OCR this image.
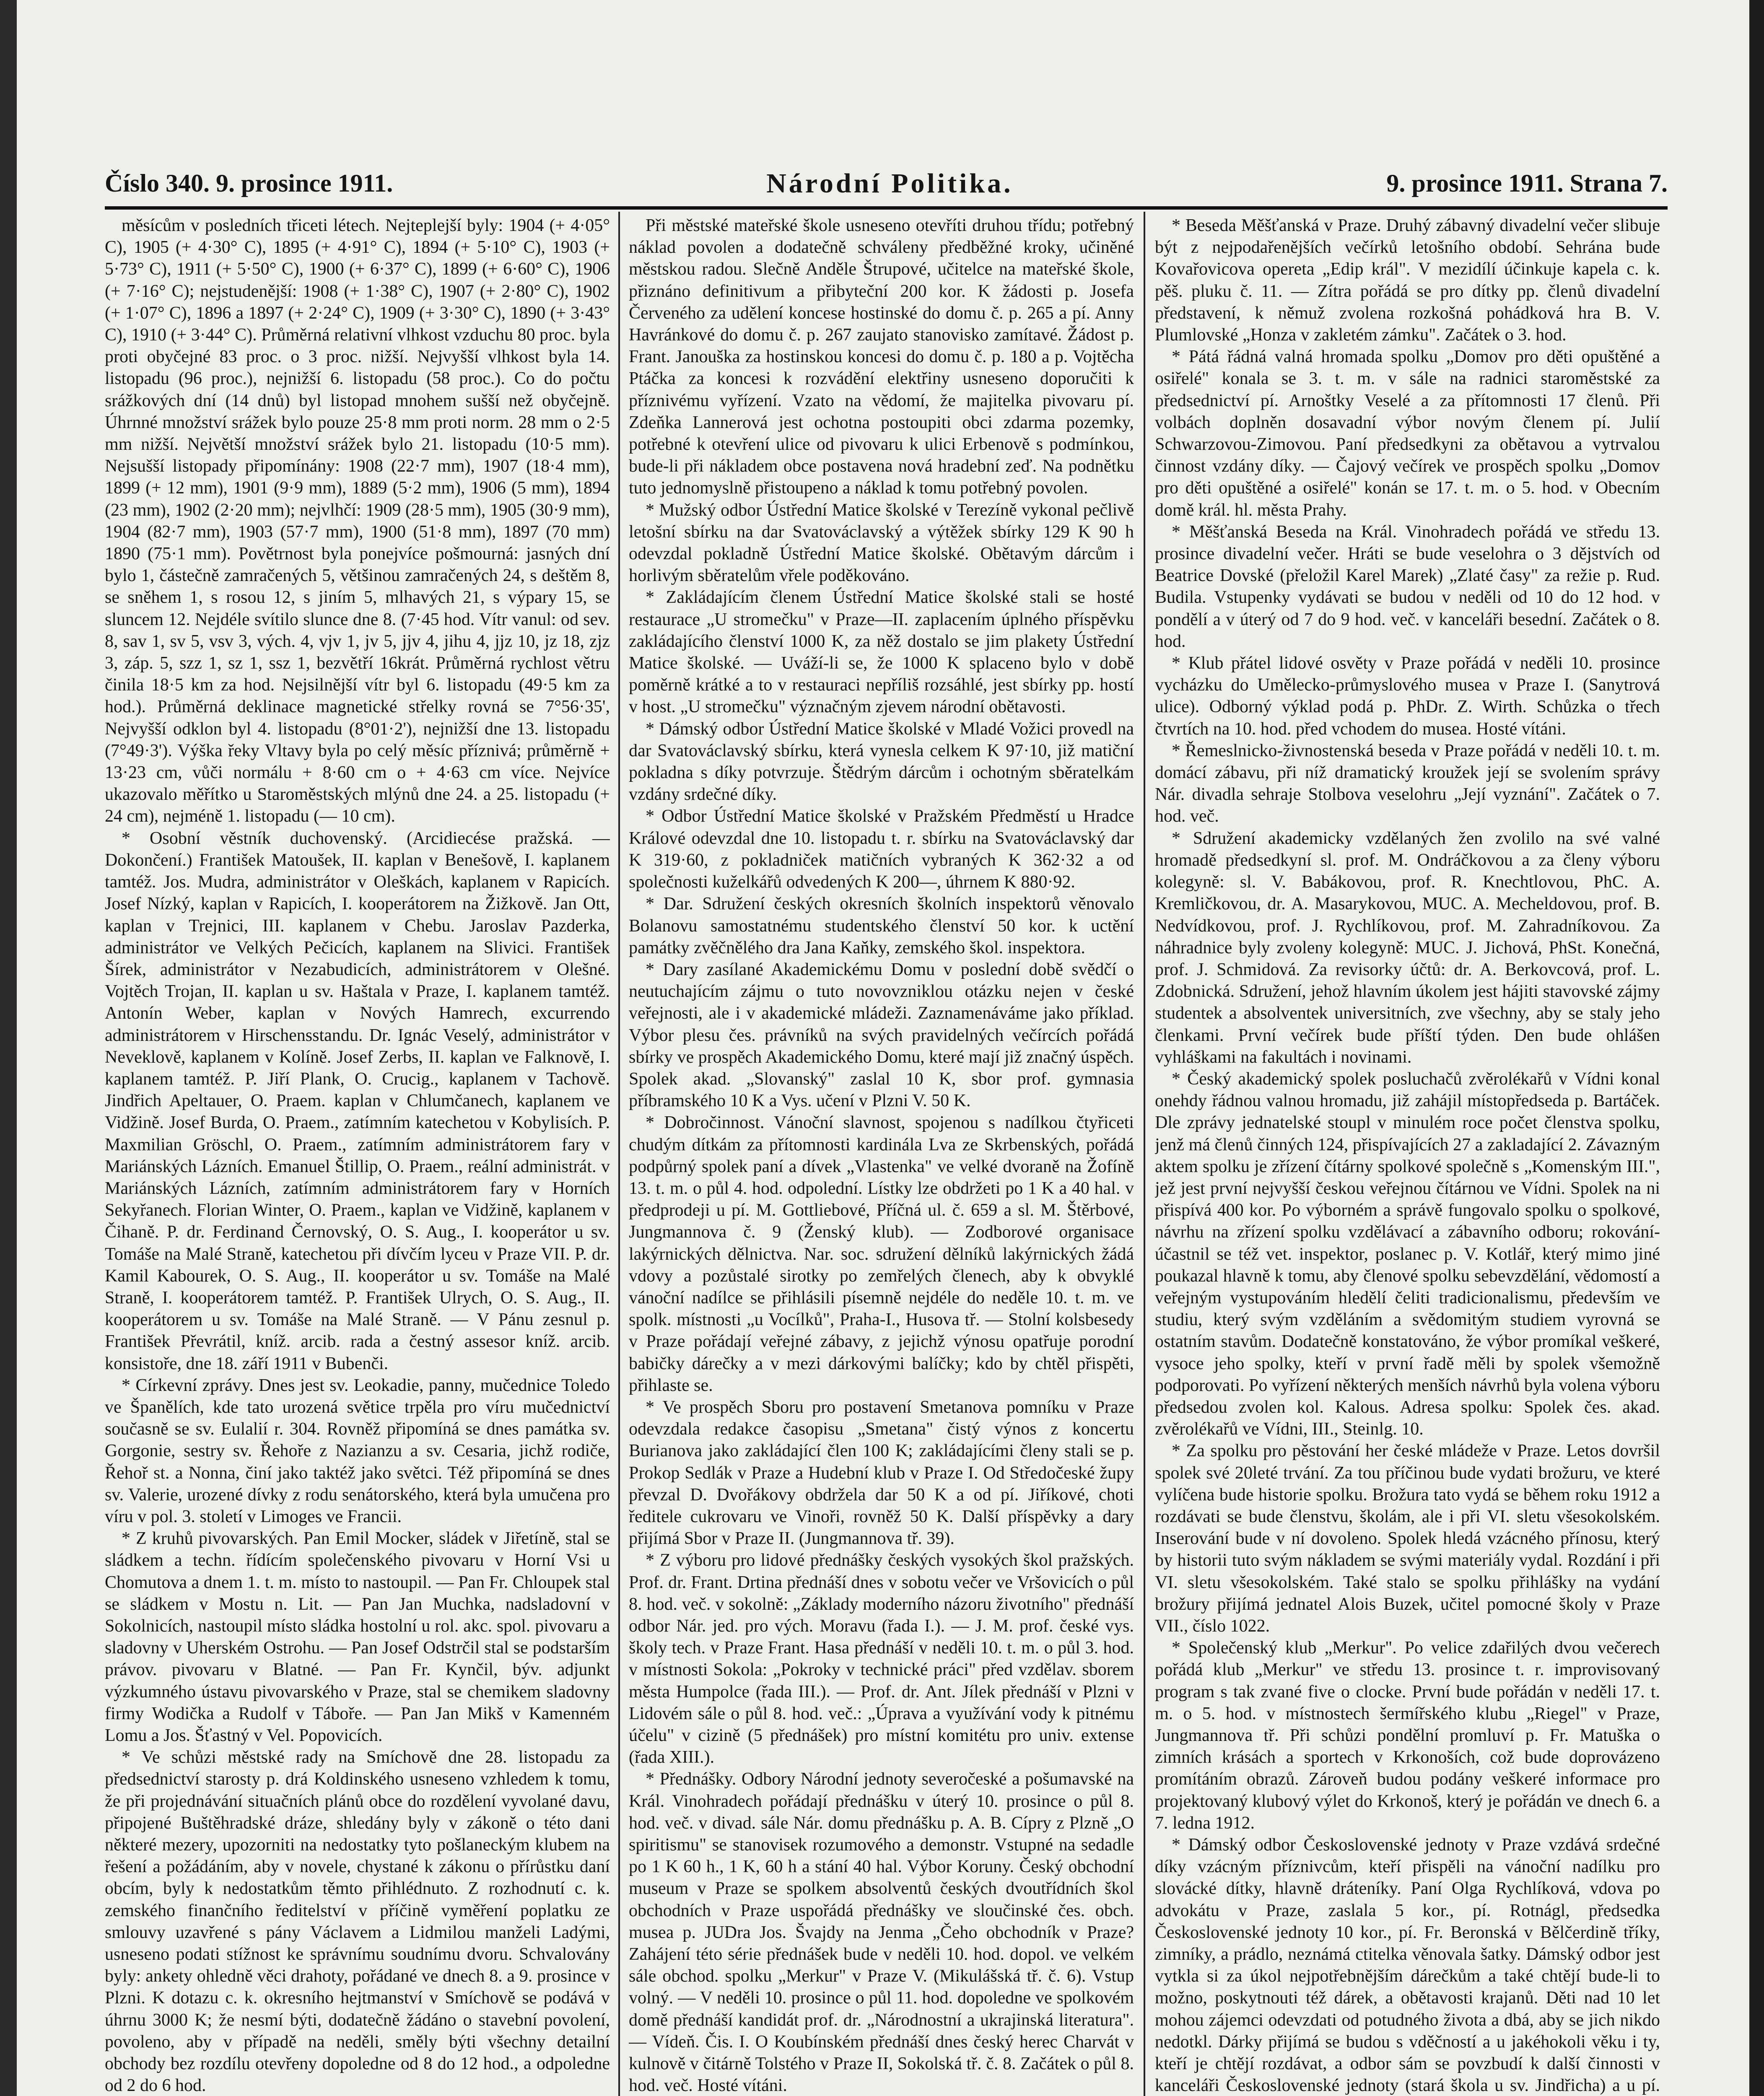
Číslo 340. 9. prosince 1911.	Národní Politika.	9. prosince 1911. Strana 7.

měsícům v posledních třiceti létech. Nejteplejší byly: 1904 (+ 4·05° C), 1905 (+ 4·30° C), 1895 (+ 4·91° C), 1894 (+ 5·10° C), 1903 (+ 5·73° C), 1911 (+ 5·50° C), 1900 (+ 6·37° C), 1899 (+ 6·60° C), 1906 (+ 7·16° C); nejstudenější: 1908 (+ 1·38° C), 1907 (+ 2·80° C), 1902 (+ 1·07° C), 1896 a 1897 (+ 2·24° C), 1909 (+ 3·30° C), 1890 (+ 3·43° C), 1910 (+ 3·44° C). Průměrná relativní vlhkost vzduchu 80 proc. byla proti obyčejné 83 proc. o 3 proc. nižší. Nejvyšší vlhkost byla 14. listopadu (96 proc.), nejnižší 6. listopadu (58 proc.). Co do počtu srážkových dní (14 dnů) byl listopad mnohem sušší než obyčejně. Úhrnné množství srážek bylo pouze 25·8 mm proti norm. 28 mm o 2·5 mm nižší. Největší množství srážek bylo 21. listopadu (10·5 mm). Nejsušší listopady připomínány: 1908 (22·7 mm), 1907 (18·4 mm), 1899 (+ 12 mm), 1901 (9·9 mm), 1889 (5·2 mm), 1906 (5 mm), 1894 (23 mm), 1902 (2·20 mm); nejvlhčí: 1909 (28·5 mm), 1905 (30·9 mm), 1904 (82·7 mm), 1903 (57·7 mm), 1900 (51·8 mm), 1897 (70 mm) 1890 (75·1 mm). Povětrnost byla ponejvíce pošmourná: jasných dní bylo 1, částečně zamračených 5, většinou zamračených 24, s deštěm 8, se sněhem 1, s rosou 12, s jiním 5, mlhavých 21, s výpary 15, se sluncem 12. Nejdéle svítilo slunce dne 8. (7·45 hod. Vítr vanul: od sev. 8, sav 1, sv 5, vsv 3, vých. 4, vjv 1, jv 5, jjv 4, jihu 4, jjz 10, jz 18, zjz 3, záp. 5, szz 1, sz 1, ssz 1, bezvětří 16krát. Průměrná rychlost větru činila 18·5 km za hod. Nejsilnější vítr byl 6. listopadu (49·5 km za hod.). Průměrná deklinace magnetické střelky rovná se 7°56·35', Nejvyšší odklon byl 4. listopadu (8°01·2'), nejnižší dne 13. listopadu (7°49·3'). Výška řeky Vltavy byla po celý měsíc příznivá; průměrně + 13·23 cm, vůči normálu + 8·60 cm o + 4·63 cm více. Nejvíce ukazovalo měřítko u Staroměstských mlýnů dne 24. a 25. listopadu (+ 24 cm), nejméně 1. listopadu (— 10 cm).

* Osobní věstník duchovenský. (Arcidiecése pražská. — Dokončení.) František Matoušek, II. kaplan v Benešově, I. kaplanem tamtéž. Jos. Mudra, administrátor v Oleškách, kaplanem v Rapicích. Josef Nízký, kaplan v Rapicích, I. kooperátorem na Žižkově. Jan Ott, kaplan v Trejnici, III. kaplanem v Chebu. Jaroslav Pazderka, administrátor ve Velkých Pečicích, kaplanem na Slivici. František Šírek, administrátor v Nezabudicích, administrátorem v Olešné. Vojtěch Trojan, II. kaplan u sv. Haštala v Praze, I. kaplanem tamtéž. Antonín Weber, kaplan v Nových Hamrech, excurrendo administrátorem v Hirschensstandu. Dr. Ignác Veselý, administrátor v Neveklově, kaplanem v Kolíně. Josef Zerbs, II. kaplan ve Falknově, I. kaplanem tamtéž. P. Jiří Plank, O. Crucig., kaplanem v Tachově. Jindřich Apeltauer, O. Praem. kaplan v Chlumčanech, kaplanem ve Vidžině. Josef Burda, O. Praem., zatímním katechetou v Kobylisích. P. Maxmilian Gröschl, O. Praem., zatímním administrátorem fary v Mariánských Lázních. Emanuel Štillip, O. Praem., reální administrát. v Mariánských Lázních, zatímním administrátorem fary v Horních Sekyřanech. Florian Winter, O. Praem., kaplan ve Vidžině, kaplanem v Čihaně. P. dr. Ferdinand Černovský, O. S. Aug., I. kooperátor u sv. Tomáše na Malé Straně, katechetou při dívčím lyceu v Praze VII. P. dr. Kamil Kabourek, O. S. Aug., II. kooperátor u sv. Tomáše na Malé Straně, I. kooperátorem tamtéž. P. František Ulrych, O. S. Aug., II. kooperátorem u sv. Tomáše na Malé Straně. — V Pánu zesnul p. František Převrátil, kníž. arcib. rada a čestný assesor kníž. arcib. konsistoře, dne 18. září 1911 v Bubenči.

* Církevní zprávy. Dnes jest sv. Leokadie, panny, mučednice Toledo ve Španělích, kde tato urozená světice trpěla pro víru mučednictví současně se sv. Eulalií r. 304. Rovněž připomíná se dnes památka sv. Gorgonie, sestry sv. Řehoře z Nazianzu a sv. Cesaria, jichž rodiče, Řehoř st. a Nonna, činí jako taktéž jako světci. Též připomíná se dnes sv. Valerie, urozené dívky z rodu senátorského, která byla umučena pro víru v pol. 3. století v Limoges ve Francii.

* Z kruhů pivovarských. Pan Emil Mocker, sládek v Jiřetíně, stal se sládkem a techn. řídícím společenského pivovaru v Horní Vsi u Chomutova a dnem 1. t. m. místo to nastoupil. — Pan Fr. Chloupek stal se sládkem v Mostu n. Lit. — Pan Jan Muchka, nadsladovní v Sokolnicích, nastoupil místo sládka hostolní u rol. akc. spol. pivovaru a sladovny v Uherském Ostrohu. — Pan Josef Odstrčil stal se podstarším právov. pivovaru v Blatné. — Pan Fr. Kynčil, býv. adjunkt výzkumného ústavu pivovarského v Praze, stal se chemikem sladovny firmy Wodička a Rudolf v Táboře. — Pan Jan Mikš v Kamenném Lomu a Jos. Šťastný v Vel. Popovicích.

* Ve schůzi městské rady na Smíchově dne 28. listopadu za předsednictví starosty p. drá Koldinského usneseno vzhledem k tomu, že při projednávání situačních plánů obce do rozdělení vyvolané davu, připojené Buštěhradské dráze, shledány byly v zákoně o této dani některé mezery, upozorniti na nedostatky tyto pošlaneckým klubem na řešení a požádáním, aby v novele, chystané k zákonu o přírůstku daní obcím, byly k nedostatkům těmto přihlédnuto. Z rozhodnutí c. k. zemského finančního ředitelství v příčině vyměření poplatku ze smlouvy uzavřené s pány Václavem a Lidmilou manželi Ladými, usneseno podati stížnost ke správnímu soudnímu dvoru. Schvalovány byly: ankety ohledně věci drahoty, pořádané ve dnech 8. a 9. prosince v Plzni. K dotazu c. k. okresního hejtmanství v Smíchově se podává v úhrnu 3000 K; že nesmí býti, dodatečně žádáno o stavební povolení, povoleno, aby v případě na neděli, směly býti všechny detailní obchody bez rozdílu otevřeny dopoledne od 8 do 12 hod., a odpoledne od 2 do 6 hod.

Při městské mateřské škole usneseno otevříti druhou třídu; potřebný náklad povolen a dodatečně schváleny předběžné kroky, učiněné městskou radou. Slečně Anděle Štrupové, učitelce na mateřské škole, přiznáno definitivum a přibyteční 200 kor. K žádosti p. Josefa Červeného za udělení koncese hostinské do domu č. p. 265 a pí. Anny Havránkové do domu č. p. 267 zaujato stanovisko zamítavé. Žádost p. Frant. Janouška za hostinskou koncesi do domu č. p. 180 a p. Vojtěcha Ptáčka za koncesi k rozvádění elektřiny usneseno doporučiti k příznivému vyřízení. Vzato na vědomí, že majitelka pivovaru pí. Zdeňka Lannerová jest ochotna postoupiti obci zdarma pozemky, potřebné k otevření ulice od pivovaru k ulici Erbenově s podmínkou, bude-li při nákladem obce postavena nová hradební zeď. Na podnětku tuto jednomyslně přistoupeno a náklad k tomu potřebný povolen.

* Mužský odbor Ústřední Matice školské v Terezíně vykonal pečlivě letošní sbírku na dar Svatováclavský a výtěžek sbírky 129 K 90 h odevzdal pokladně Ústřední Matice školské. Obětavým dárcům i horlivým sběratelům vřele poděkováno.

* Zakládajícím členem Ústřední Matice školské stali se hosté restaurace „U stromečku" v Praze—II. zaplacením úplného příspěvku zakládajícího členství 1000 K, za něž dostalo se jim plakety Ústřední Matice školské. — Uváží-li se, že 1000 K splaceno bylo v době poměrně krátké a to v restauraci nepříliš rozsáhlé, jest sbírky pp. hostí v host. „U stromečku" význačným zjevem národní obětavosti.

* Dámský odbor Ústřední Matice školské v Mladé Vožici provedl na dar Svatováclavský sbírku, která vynesla celkem K 97·10, již matiční pokladna s díky potvrzuje. Štědrým dárcům i ochotným sběratelkám vzdány srdečné díky.

* Odbor Ústřední Matice školské v Pražském Předměstí u Hradce Králové odevzdal dne 10. listopadu t. r. sbírku na Svatováclavský dar K 319·60, z pokladniček matičních vybraných K 362·32 a od společnosti kuželkářů odvedených K 200—, úhrnem K 880·92.

* Dar. Sdružení českých okresních školních inspektorů věnovalo Bolanovu samostatnému studentského členství 50 kor. k uctění památky zvěčnělého dra Jana Kaňky, zemského škol. inspektora.

* Dary zasílané Akademickému Domu v poslední době svědčí o neutuchajícím zájmu o tuto novovzniklou otázku nejen v české veřejnosti, ale i v akademické mládeži. Zaznamenáváme jako příklad. Výbor plesu čes. právníků na svých pravidelných večírcích pořádá sbírky ve prospěch Akademického Domu, které mají již značný úspěch. Spolek akad. „Slovanský" zaslal 10 K, sbor prof. gymnasia příbramského 10 K a Vys. učení v Plzni V. 50 K.

* Dobročinnost. Vánoční slavnost, spojenou s nadílkou čtyřiceti chudým dítkám za přítomnosti kardinála Lva ze Skrbenských, pořádá podpůrný spolek paní a dívek „Vlastenka" ve velké dvoraně na Žofíně 13. t. m. o půl 4. hod. odpolední. Lístky lze obdržeti po 1 K a 40 hal. v předprodeji u pí. M. Gottliebové, Příčná ul. č. 659 a sl. M. Štěrbové, Jungmannova č. 9 (Ženský klub). — Zodborové organisace lakýrnických dělnictva. Nar. soc. sdružení dělníků lakýrnických žádá vdovy a pozůstalé sirotky po zemřelých členech, aby k obvyklé vánoční nadílce se přihlásili písemně nejdéle do neděle 10. t. m. ve spolk. místnosti „u Vocílků", Praha-I., Husova tř. — Stolní kolsbesedy v Praze pořádají veřejné zábavy, z jejichž výnosu opatřuje porodní babičky dárečky a v mezi dárkovými balíčky; kdo by chtěl přispěti, přihlaste se.

* Ve prospěch Sboru pro postavení Smetanova pomníku v Praze odevzdala redakce časopisu „Smetana" čistý výnos z koncertu Burianova jako zakládající člen 100 K; zakládajícími členy stali se p. Prokop Sedlák v Praze a Hudební klub v Praze I. Od Středočeské župy převzal D. Dvořákovy obdržela dar 50 K a od pí. Jiříkové, choti ředitele cukrovaru ve Vinoři, rovněž 50 K. Další příspěvky a dary přijímá Sbor v Praze II. (Jungmannova tř. 39).

* Z výboru pro lidové přednášky českých vysokých škol pražských. Prof. dr. Frant. Drtina přednáší dnes v sobotu večer ve Vršovicích o půl 8. hod. več. v sokolně: „Základy moderního názoru životního" přednáší odbor Nár. jed. pro vých. Moravu (řada I.). — J. M. prof. české vys. školy tech. v Praze Frant. Hasa přednáší v neděli 10. t. m. o půl 3. hod. v místnosti Sokola: „Pokroky v technické práci" před vzdělav. sborem města Humpolce (řada III.). — Prof. dr. Ant. Jílek přednáší v Plzni v Lidovém sále o půl 8. hod. več.: „Úprava a využívání vody k pitnému účelu" v cizině (5 přednášek) pro místní komitétu pro univ. extense (řada XIII.).

* Přednášky. Odbory Národní jednoty severočeské a pošumavské na Král. Vinohradech pořádají přednášku v úterý 10. prosince o půl 8. hod. več. v divad. sále Nár. domu přednášku p. A. B. Cípry z Plzně „O spiritismu" se stanovisek rozumového a demonstr. Vstupné na sedadle po 1 K 60 h., 1 K, 60 h a stání 40 hal. Výbor Koruny. Český obchodní museum v Praze se spolkem absolventů českých dvoutřídních škol obchodních v Praze uspořádá přednášky ve sloučinské čes. obch. musea p. JUDra Jos. Švajdy na Jenma „Čeho obchodník v Praze? Zahájení této série přednášek bude v neděli 10. hod. dopol. ve velkém sále obchod. spolku „Merkur" v Praze V. (Mikulášská tř. č. 6). Vstup volný. — V neděli 10. prosince o půl 11. hod. dopoledne ve spolkovém domě přednáší kandidát prof. dr. „Národnostní a ukrajinská literatura". — Vídeň. Čis. I. O Koubínském přednáší dnes český herec Charvát v kulnově v čitárně Tolstého v Praze II, Sokolská tř. č. 8. Začátek o půl 8. hod. več. Hosté vítáni.

* Beseda Měšťanská v Praze. Druhý zábavný divadelní večer slibuje být z nejpodařenějších večírků letošního období. Sehrána bude Kovařovicova opereta „Edip král". V mezidílí účinkuje kapela c. k. pěš. pluku č. 11. — Zítra pořádá se pro dítky pp. členů divadelní představení, k němuž zvolena rozkošná pohádková hra B. V. Plumlovské „Honza v zakletém zámku". Začátek o 3. hod.

* Pátá řádná valná hromada spolku „Domov pro děti opuštěné a osiřelé" konala se 3. t. m. v sále na radnici staroměstské za předsednictví pí. Arnoštky Veselé a za přítomnosti 17 členů. Při volbách doplněn dosavadní výbor novým členem pí. Julií Schwarzovou-Zimovou. Paní předsedkyni za obětavou a vytrvalou činnost vzdány díky. — Čajový večírek ve prospěch spolku „Domov pro děti opuštěné a osiřelé" konán se 17. t. m. o 5. hod. v Obecním domě král. hl. města Prahy.

* Měšťanská Beseda na Král. Vinohradech pořádá ve středu 13. prosince divadelní večer. Hráti se bude veselohra o 3 dějstvích od Beatrice Dovské (přeložil Karel Marek) „Zlaté časy" za režie p. Rud. Budila. Vstupenky vydávati se budou v neděli od 10 do 12 hod. v pondělí a v úterý od 7 do 9 hod. več. v kanceláři besední. Začátek o 8. hod.

* Klub přátel lidové osvěty v Praze pořádá v neděli 10. prosince vycházku do Umělecko-průmyslového musea v Praze I. (Sanytrová ulice). Odborný výklad podá p. PhDr. Z. Wirth. Schůzka o třech čtvrtích na 10. hod. před vchodem do musea. Hosté vítáni.

* Řemeslnicko-živnostenská beseda v Praze pořádá v neděli 10. t. m. domácí zábavu, při níž dramatický kroužek její se svolením správy Nár. divadla sehraje Stolbova veselohru „Její vyznání". Začátek o 7. hod. več.

* Sdružení akademicky vzdělaných žen zvolilo na své valné hromadě předsedkyní sl. prof. M. Ondráčkovou a za členy výboru kolegyně: sl. V. Babákovou, prof. R. Knechtlovou, PhC. A. Kremličkovou, dr. A. Masarykovou, MUC. A. Mecheldovou, prof. B. Nedvídkovou, prof. J. Rychlíkovou, prof. M. Zahradníkovou. Za náhradnice byly zvoleny kolegyně: MUC. J. Jichová, PhSt. Konečná, prof. J. Schmidová. Za revisorky účtů: dr. A. Berkovcová, prof. L. Zdobnická. Sdružení, jehož hlavním úkolem jest hájiti stavovské zájmy studentek a absolventek universitních, zve všechny, aby se staly jeho členkami. První večírek bude příští týden. Den bude ohlášen vyhláškami na fakultách i novinami.

* Český akademický spolek posluchačů zvěrolékařů v Vídni konal onehdy řádnou valnou hromadu, již zahájil místopředseda p. Bartáček. Dle zprávy jednatelské stoupl v minulém roce počet členstva spolku, jenž má členů činných 124, přispívajících 27 a zakladající 2. Závazným aktem spolku je zřízení čítárny spolkové společně s „Komenským III.", jež jest první nejvyšší českou veřejnou čítárnou ve Vídni. Spolek na ni přispívá 400 kor. Po výborném a správě fungovalo spolku o spolkové, návrhu na zřízení spolku vzdělávací a zábavního odboru; rokování-účastnil se též vet. inspektor, poslanec p. V. Kotlář, který mimo jiné poukazal hlavně k tomu, aby členové spolku sebevzdělání, vědomostí a veřejným vystupováním hledělí čeliti tradicionalismu, především ve studiu, který svým vzděláním a svědomitým studiem vyrovná se ostatním stavům. Dodatečně konstatováno, že výbor promíkal veškeré, vysoce jeho spolky, kteří v první řadě měli by spolek všemožně podporovati. Po vyřízení některých menších návrhů byla volena výboru předsedou zvolen kol. Kalous. Adresa spolku: Spolek čes. akad. zvěrolékařů ve Vídni, III., Steinlg. 10.

* Za spolku pro pěstování her české mládeže v Praze. Letos dovršil spolek své 20leté trvání. Za tou příčinou bude vydati brožuru, ve které vylíčena bude historie spolku. Brožura tato vydá se během roku 1912 a rozdávati se bude členstvu, školám, ale i při VI. sletu všesokolském. Inserování bude v ní dovoleno. Spolek hledá vzácného přínosu, který by historii tuto svým nákladem se svými materiály vydal. Rozdání i při VI. sletu všesokolském. Také stalo se spolku přihlášky na vydání brožury přijímá jednatel Alois Buzek, učitel pomocné školy v Praze VII., číslo 1022.

* Společenský klub „Merkur". Po velice zdařilých dvou večerech pořádá klub „Merkur" ve středu 13. prosince t. r. improvisovaný program s tak zvané five o clocke. První bude pořádán v neděli 17. t. m. o 5. hod. v místnostech šermířského klubu „Riegel" v Praze, Jungmannova tř. Při schůzi pondělní promluví p. Fr. Matuška o zimních krásách a sportech v Krkonoších, což bude doprovázeno promítáním obrazů. Zároveň budou podány veškeré informace pro projektovaný klubový výlet do Krkonoš, který je pořádán ve dnech 6. a 7. ledna 1912.

* Dámský odbor Československé jednoty v Praze vzdává srdečné díky vzácným příznivcům, kteří přispěli na vánoční nadílku pro slovácké dítky, hlavně dráteníky. Paní Olga Rychlíková, vdova po advokátu v Praze, zaslala 5 kor., pí. Rotnágl, předsedka Československé jednoty 10 kor., pí. Fr. Beronská v Bělčerdině tříky, zimníky, a prádlo, neznámá ctitelka věnovala šatky. Dámský odbor jest vytkla si za úkol nejpotřebnějším dárečkům a také chtějí bude-li to možno, poskytnouti též dárek, a obětavosti krajanů. Děti nad 10 let mohou zájemci odevzdati od potudného života a dbá, aby se jich nikdo nedotkl. Dárky přijímá se budou s vděčností a u jakéhokoli věku i ty, kteří je chtějí rozdávat, a odbor sám se povzbudí k další činnosti v kanceláři Československé jednoty (stará škola u sv. Jindřicha) a u pí.
